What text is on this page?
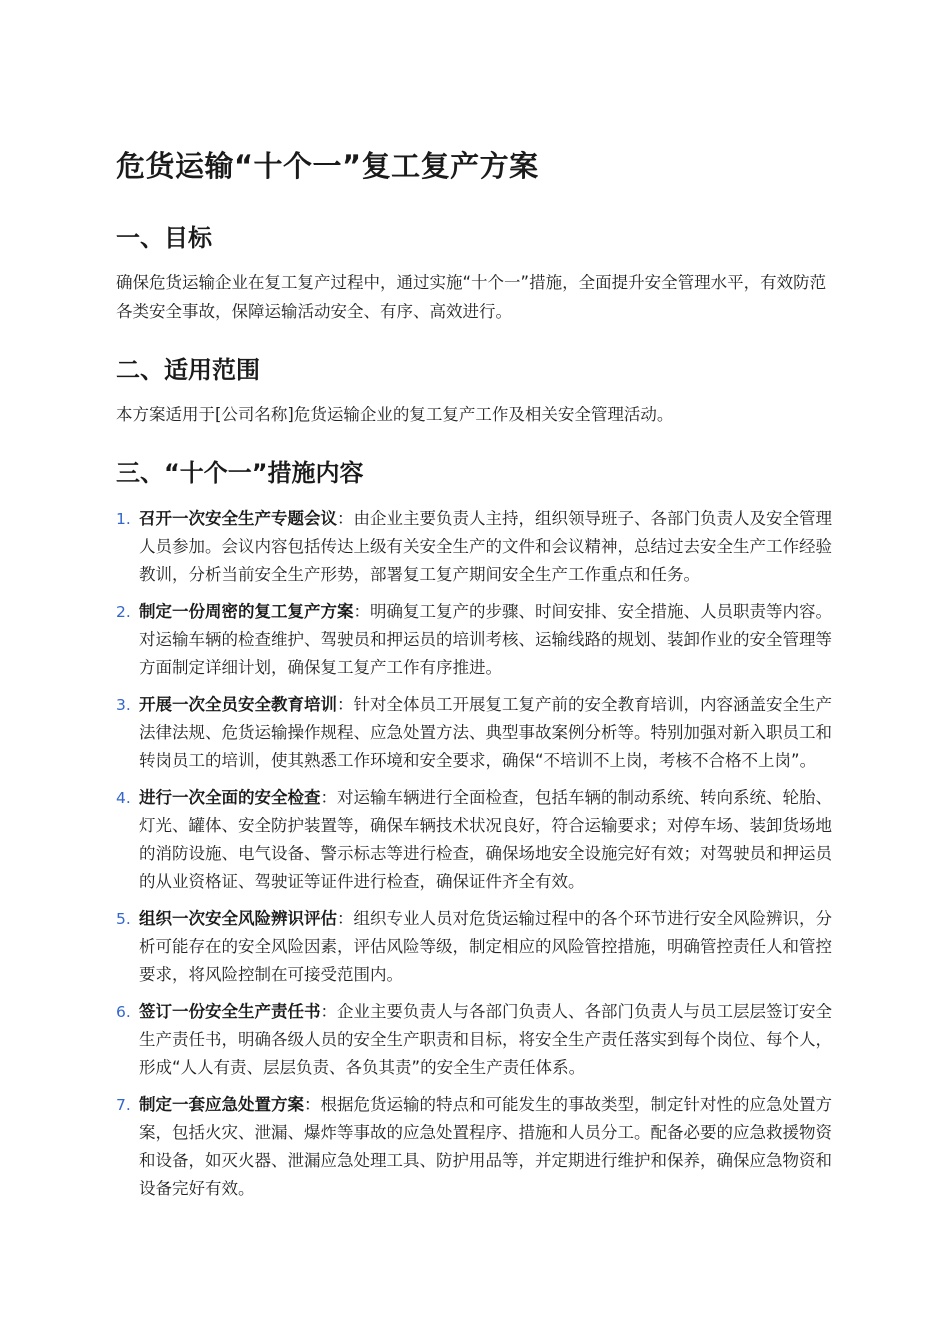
危货运输“十个一”复工复产方案
一、目标

确保危货运输企业在复工复产过程中，通过实施“十个一”措施，全面提升安全管理水平，有效防范各类安全事故，保障运输活动安全、有序、高效进行。

二、适用范围

本方案适用于[公司名称]危货运输企业的复工复产工作及相关安全管理活动。

三、“十个一”措施内容
1. 召开一次安全生产专题会议：由企业主要负责人主持，组织领导班子、各部门负责人及安全管理人员参加。会议内容包括传达上级有关安全生产的文件和会议精神，总结过去安全生产工作经验教训，分析当前安全生产形势，部署复工复产期间安全生产工作重点和任务。
2. 制定一份周密的复工复产方案：明确复工复产的步骤、时间安排、安全措施、人员职责等内容。对运输车辆的检查维护、驾驶员和押运员的培训考核、运输线路的规划、装卸作业的安全管理等方面制定详细计划，确保复工复产工作有序推进。
3. 开展一次全员安全教育培训：针对全体员工开展复工复产前的安全教育培训，内容涵盖安全生产法律法规、危货运输操作规程、应急处置方法、典型事故案例分析等。特别加强对新入职员工和转岗员工的培训，使其熟悉工作环境和安全要求，确保“不培训不上岗，考核不合格不上岗”。
4. 进行一次全面的安全检查：对运输车辆进行全面检查，包括车辆的制动系统、转向系统、轮胎、灯光、罐体、安全防护装置等，确保车辆技术状况良好，符合运输要求；对停车场、装卸货场地的消防设施、电气设备、警示标志等进行检查，确保场地安全设施完好有效；对驾驶员和押运员的从业资格证、驾驶证等证件进行检查，确保证件齐全有效。
5. 组织一次安全风险辨识评估：组织专业人员对危货运输过程中的各个环节进行安全风险辨识，分析可能存在的安全风险因素，评估风险等级，制定相应的风险管控措施，明确管控责任人和管控要求，将风险控制在可接受范围内。
6. 签订一份安全生产责任书：企业主要负责人与各部门负责人、各部门负责人与员工层层签订安全生产责任书，明确各级人员的安全生产职责和目标，将安全生产责任落实到每个岗位、每个人，形成“人人有责、层层负责、各负其责”的安全生产责任体系。
7. 制定一套应急处置方案：根据危货运输的特点和可能发生的事故类型，制定针对性的应急处置方案，包括火灾、泄漏、爆炸等事故的应急处置程序、措施和人员分工。配备必要的应急救援物资和设备，如灭火器、泄漏应急处理工具、防护用品等，并定期进行维护和保养，确保应急物资和设备完好有效。
